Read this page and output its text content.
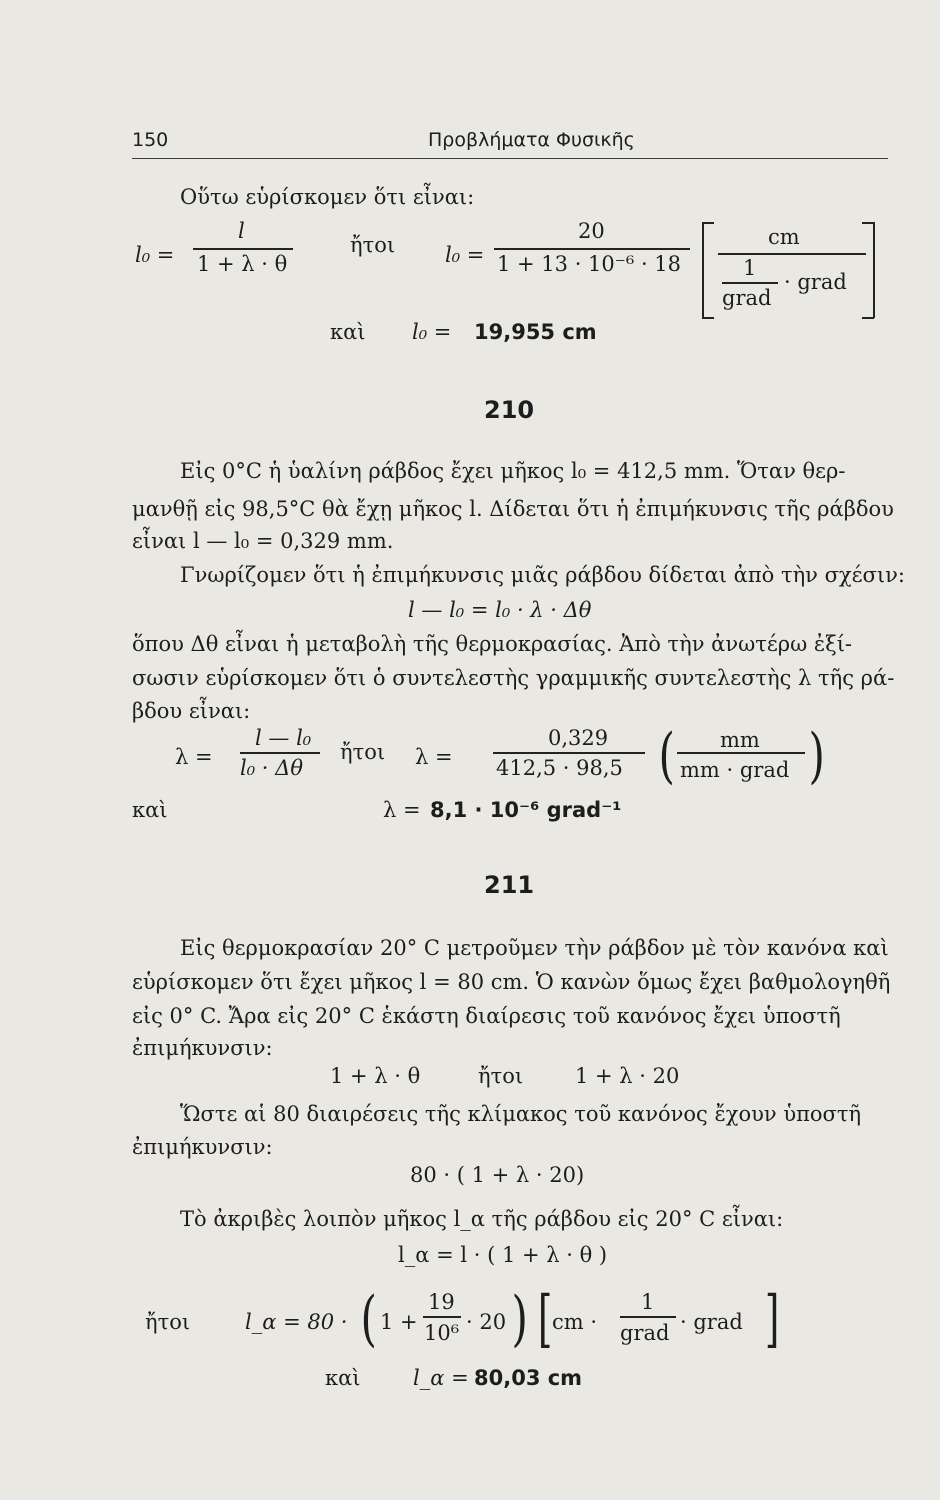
150	Προβλήματα Φυσικῆς
Οὕτω εὑρίσκομεν ὅτι εἶναι:
l₀ =
l
1 + λ · θ
ἤτοι l₀ =
20
1 + 13 · 10⁻⁶ · 18
cm
1
grad
· grad
καὶ l₀ = 19,955 cm
210
Εἰς 0°C ἡ ὑαλίνη ράβδος ἔχει μῆκος l₀ = 412,5 mm. Ὅταν θερ-
μανθῇ εἰς 98,5°C θὰ ἔχῃ μῆκος l. Δίδεται ὅτι ἡ ἐπιμήκυνσις τῆς ράβδου
εἶναι l — l₀ = 0,329 mm.
Γνωρίζομεν ὅτι ἡ ἐπιμήκυνσις μιᾶς ράβδου δίδεται ἀπὸ τὴν σχέσιν:
l — l₀ = l₀ · λ · Δθ
ὅπου Δθ εἶναι ἡ μεταβολὴ τῆς θερμοκρασίας. Ἀπὸ τὴν ἀνωτέρω ἐξί-
σωσιν εὑρίσκομεν ὅτι ὁ συντελεστὴς γραμμικῆς συντελεστὴς λ τῆς ρά-
βδου εἶναι:
λ =
l — l₀
l₀ · Δθ
ἤτοι λ =
0,329
412,5 · 98,5 ( mm
mm · grad )
καὶ	λ = 8,1 · 10⁻⁶ grad⁻¹
211
Εἰς θερμοκρασίαν 20° C μετροῦμεν τὴν ράβδον μὲ τὸν κανόνα καὶ
εὑρίσκομεν ὅτι ἔχει μῆκος l = 80 cm. Ὁ κανὼν ὅμως ἔχει βαθμολογηθῆ
εἰς 0° C. Ἄρα εἰς 20° C ἑκάστη διαίρεσις τοῦ κανόνος ἔχει ὑποστῆ
ἐπιμήκυνσιν:
1 + λ · θ	ἤτοι 1 + λ · 20
Ὥστε αἱ 80 διαιρέσεις τῆς κλίμακος τοῦ κανόνος ἔχουν ὑποστῆ
ἐπιμήκυνσιν:
80 · ( 1 + λ · 20)
Τὸ ἀκριβὲς λοιπὸν μῆκος l_α τῆς ράβδου εἰς 20° C εἶναι:
l_α = l · ( 1 + λ · θ )
ἤτοι	l_α = 80 · ( 1 +
19
10⁶ · 20 ) [ cm ·
1
grad · grad ]
καὶ l_α = 80,03 cm
